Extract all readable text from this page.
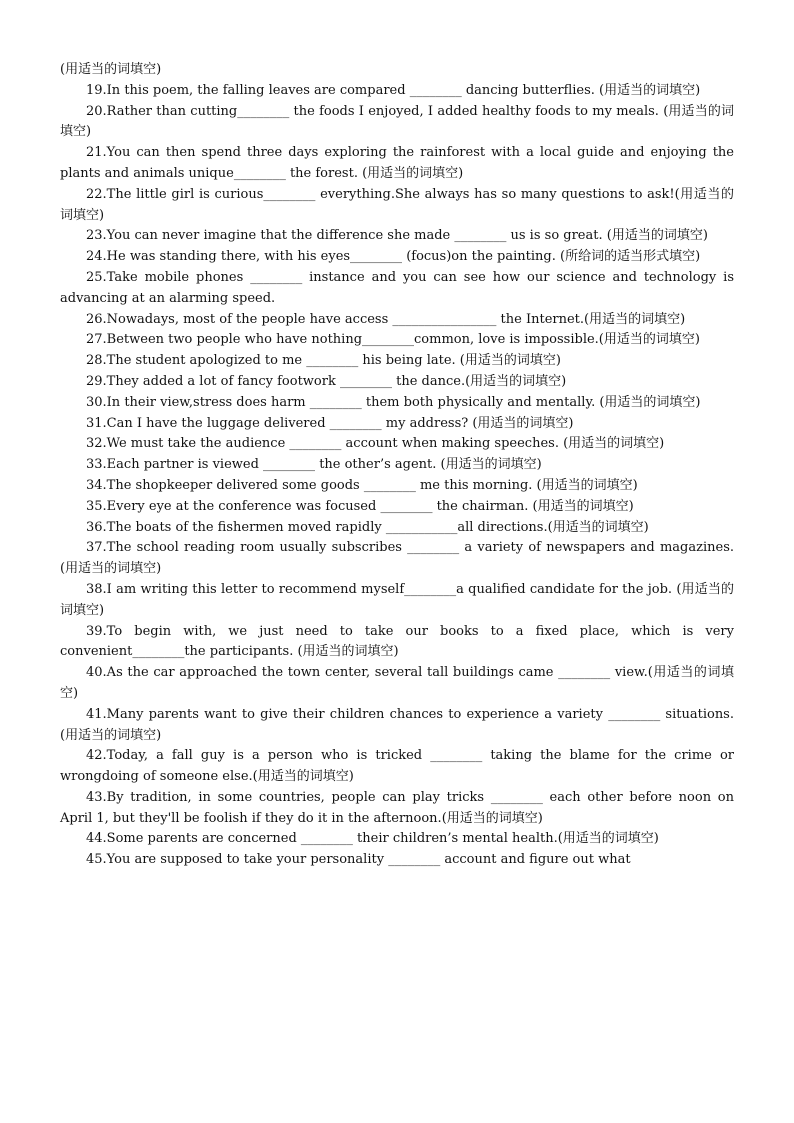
(用适当的词填空)

19.In this poem, the falling leaves are compared ________ dancing butterflies. (用适当的词填空)

20.Rather than cutting________ the foods I enjoyed, I added healthy foods to my meals. (用适当的词填空)

21.You can then spend three days exploring the rainforest with a local guide and enjoying the plants and animals unique________ the forest. (用适当的词填空)

22.The little girl is curious________ everything.She always has so many questions to ask!(用适当的词填空)

23.You can never imagine that the difference she made ________ us is so great. (用适当的词填空)

24.He was standing there, with his eyes________ (focus)on the painting. (所给词的适当形式填空)

25.Take mobile phones ________ instance and you can see how our science and technology is advancing at an alarming speed.

26.Nowadays, most of the people have access ________________ the Internet.(用适当的词填空)

27.Between two people who have nothing________common, love is impossible.(用适当的词填空)

28.The student apologized to me ________ his being late. (用适当的词填空)

29.They added a lot of fancy footwork ________ the dance.(用适当的词填空)

30.In their view,stress does harm ________ them both physically and mentally. (用适当的词填空)

31.Can I have the luggage delivered ________ my address? (用适当的词填空)

32.We must take the audience ________ account when making speeches. (用适当的词填空)

33.Each partner is viewed ________ the other’s agent. (用适当的词填空)

34.The shopkeeper delivered some goods ________ me this morning. (用适当的词填空)

35.Every eye at the conference was focused ________ the chairman. (用适当的词填空)

36.The boats of the fishermen moved rapidly ___________all directions.(用适当的词填空)

37.The school reading room usually subscribes ________ a variety of newspapers and magazines.(用适当的词填空)

38.I am writing this letter to recommend myself________a qualified candidate for the job. (用适当的词填空)

39.To begin with, we just need to take our books to a fixed place, which is very convenient________the participants. (用适当的词填空)

40.As the car approached the town center, several tall buildings came ________ view.(用适当的词填空)

41.Many parents want to give their children chances to experience a variety ________ situations.(用适当的词填空)

42.Today, a fall guy is a person who is tricked ________ taking the blame for the crime or wrongdoing of someone else.(用适当的词填空)

43.By tradition, in some countries, people can play tricks ________ each other before noon on April 1, but they'll be foolish if they do it in the afternoon.(用适当的词填空)

44.Some parents are concerned ________ their children’s mental health.(用适当的词填空)

45.You are supposed to take your personality ________ account and figure out what
